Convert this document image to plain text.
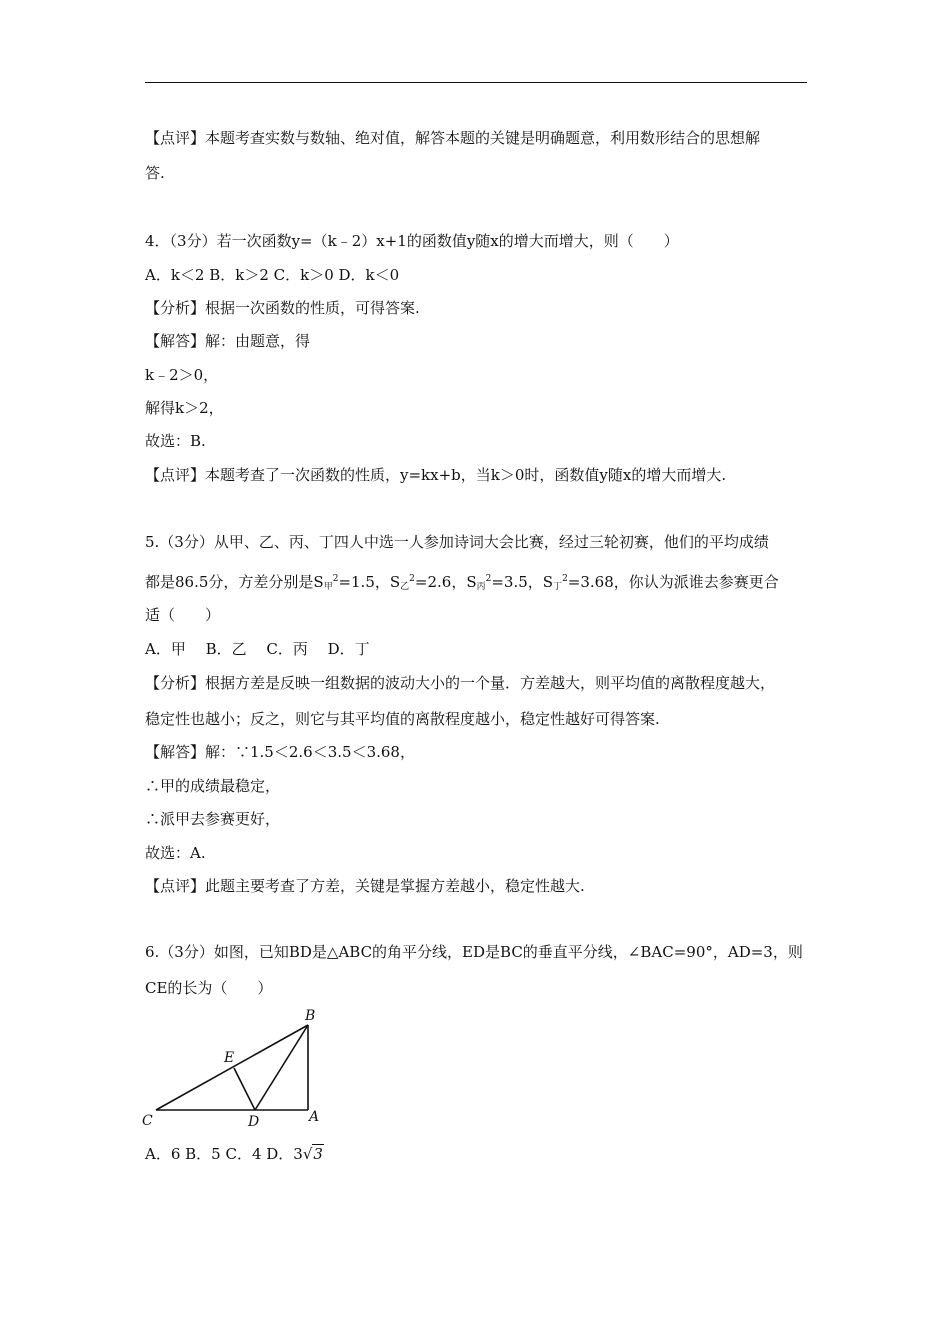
【点评】本题考查实数与数轴、绝对值，解答本题的关键是明确题意，利用数形结合的思想解
答.
4．（3分）若一次函数y=（k﹣2）x+1的函数值y随x的增大而增大，则（　　）
A．k＜2 B．k＞2 C．k＞0 D．k＜0
【分析】根据一次函数的性质，可得答案.
【解答】解：由题意，得
k﹣2＞0，
解得k＞2，
故选：B.
【点评】本题考查了一次函数的性质，y=kx+b，当k＞0时，函数值y随x的增大而增大.
5.（3分）从甲、乙、丙、丁四人中选一人参加诗词大会比赛，经过三轮初赛，他们的平均成绩
都是86.5分，方差分别是$S_甲^2=1.5$，$S_乙^2=2.6$，$S_丙^2=3.5$，$S_丁^2=3.68$，你认为派谁去参赛更合
适（　　）
A．甲　 B．乙　 C．丙　 D．丁
【分析】根据方差是反映一组数据的波动大小的一个量．方差越大，则平均值的离散程度越大，
稳定性也越小；反之，则它与其平均值的离散程度越小，稳定性越好可得答案.
【解答】解：∵1.5＜2.6＜3.5＜3.68，
∴甲的成绩最稳定，
∴派甲去参赛更好，
故选：A.
【点评】此题主要考查了方差，关键是掌握方差越小，稳定性越大.
6.（3分）如图，已知BD是△ABC的角平分线，ED是BC的垂直平分线，∠BAC=90°，AD=3，则
CE的长为（　　）
B
E
C	D	A
A．6 B．5 C．4 D．3√3
